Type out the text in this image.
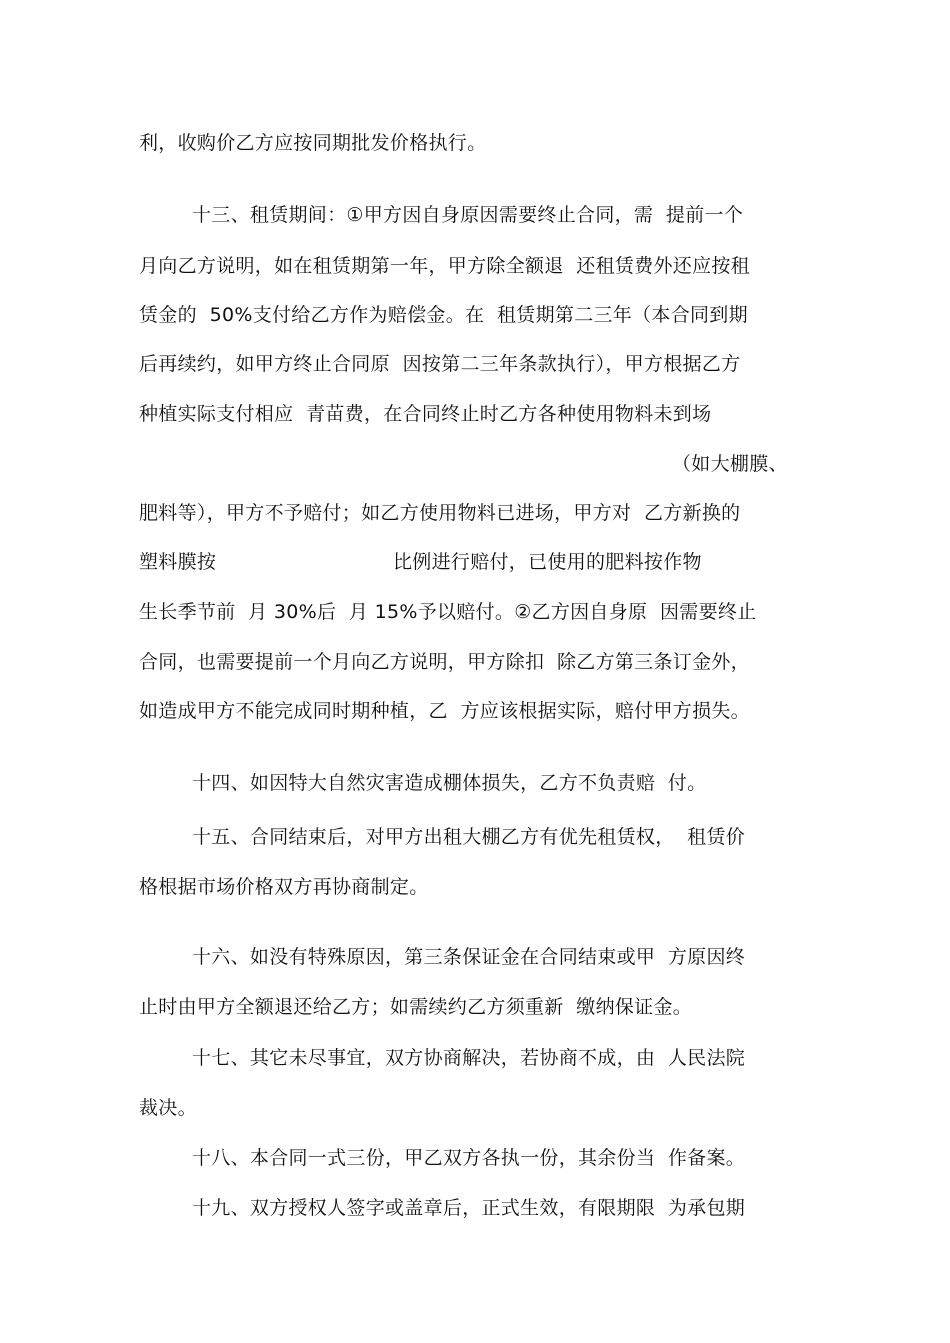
利，收购价乙方应按同期批发价格执行。
十三、租赁期间：①甲方因自身原因需要终止合同，需  提前一个
月向乙方说明，如在租赁期第一年，甲方除全额退  还租赁费外还应按租
赁金的  50%支付给乙方作为赔偿金。在  租赁期第二三年（本合同到期
后再续约，如甲方终止合同原  因按第二三年条款执行），甲方根据乙方
种植实际支付相应  青苗费，在合同终止时乙方各种使用物料未到场
（如大棚膜、
肥料等），甲方不予赔付；如乙方使用物料已进场，甲方对  乙方新换的
塑料膜按	比例进行赔付，已使用的肥料按作物
生长季节前  月 30%后  月 15%予以赔付。②乙方因自身原  因需要终止
合同，也需要提前一个月向乙方说明，甲方除扣  除乙方第三条订金外，
如造成甲方不能完成同时期种植，乙  方应该根据实际，赔付甲方损失。
十四、如因特大自然灾害造成棚体损失，乙方不负责赔  付。
十五、合同结束后，对甲方出租大棚乙方有优先租赁权，  租赁价
格根据市场价格双方再协商制定。
十六、如没有特殊原因，第三条保证金在合同结束或甲  方原因终
止时由甲方全额退还给乙方；如需续约乙方须重新  缴纳保证金。
十七、其它未尽事宜，双方协商解决，若协商不成，由  人民法院
裁决。
十八、本合同一式三份，甲乙双方各执一份，其余份当  作备案。
十九、双方授权人签字或盖章后，正式生效，有限期限  为承包期
